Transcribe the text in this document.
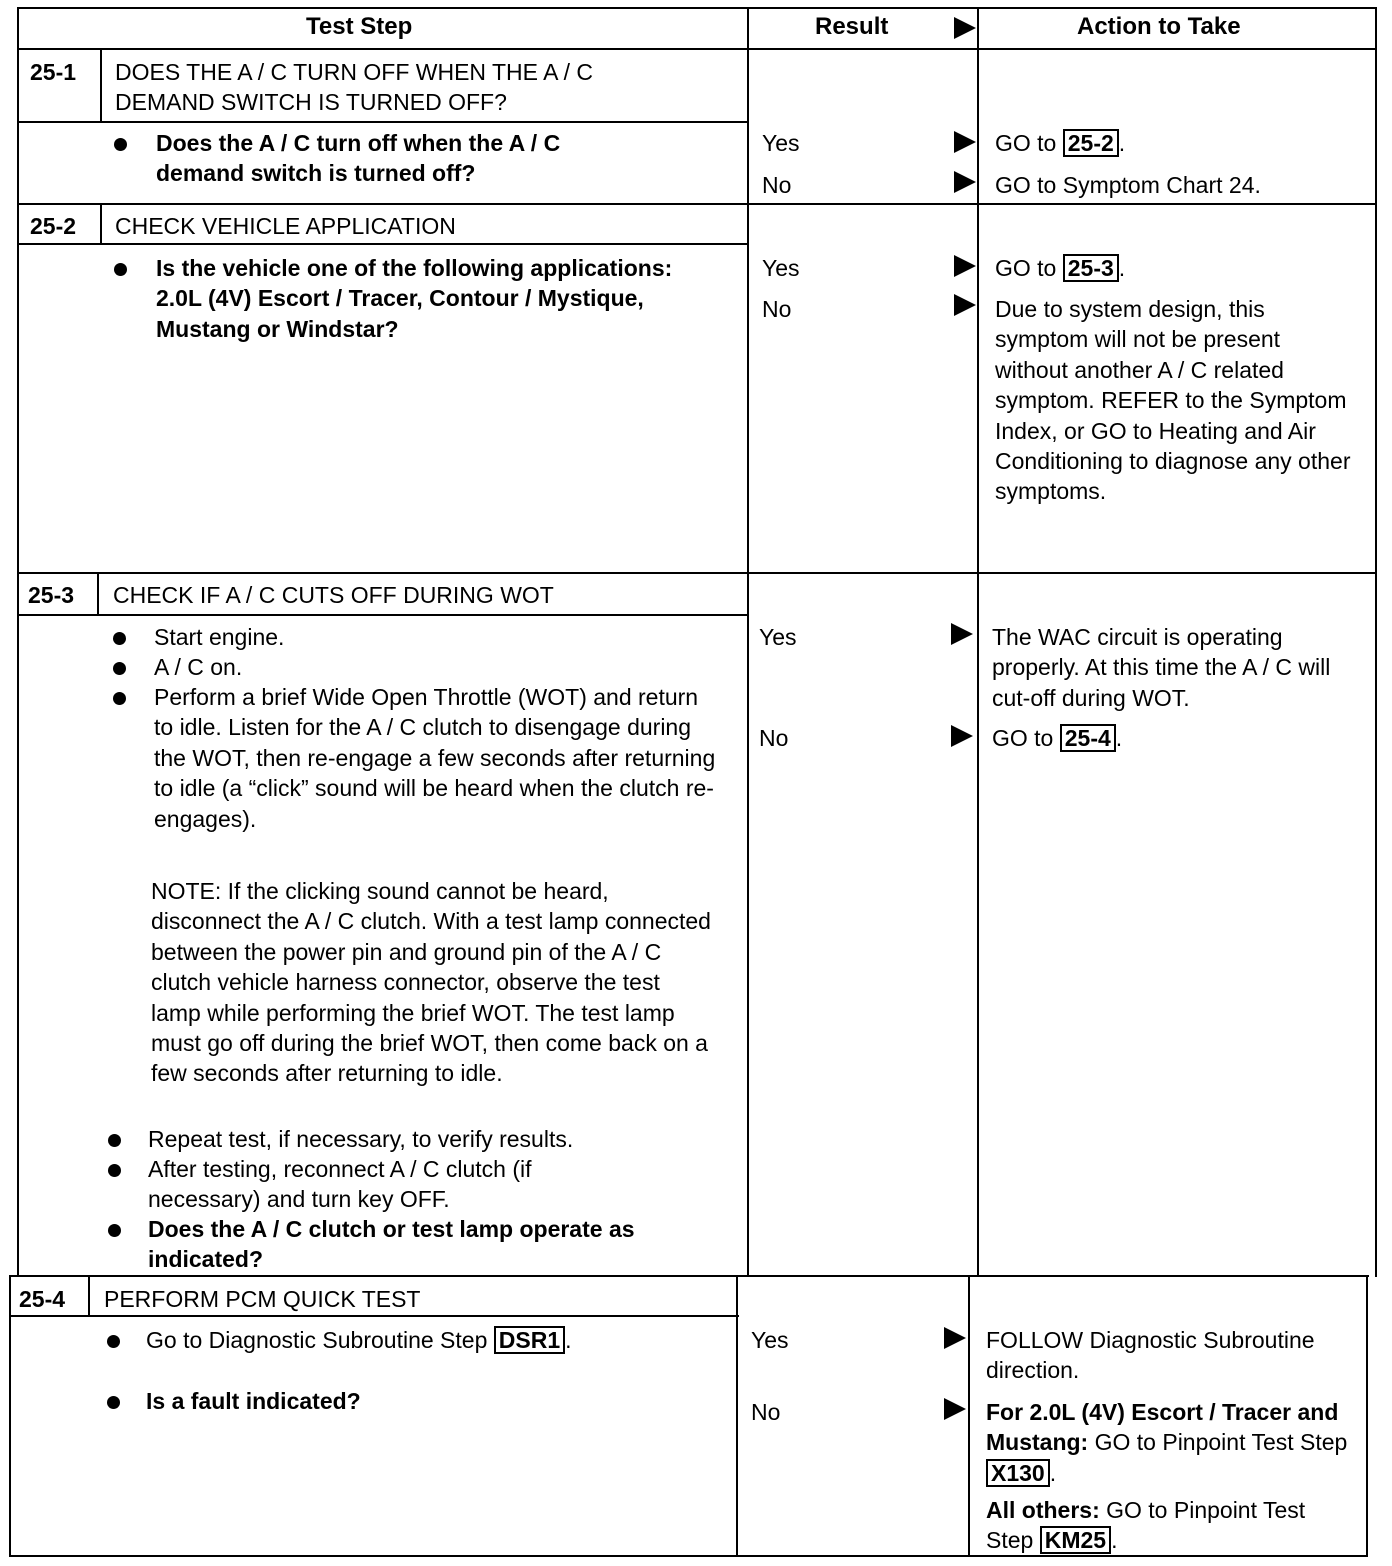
Test Step	Result	Action to Take
25-1 DOES THE A / C TURN OFF WHEN THE A / C DEMAND SWITCH IS TURNED OFF?
Does the A / C turn off when the A / C demand switch is turned off?
Yes
No
GO to 25-2 .
GO to Symptom Chart 24.
25-2 CHECK VEHICLE APPLICATION
Is the vehicle one of the following applications: 2.0L (4V) Escort / Tracer, Contour / Mystique, Mustang or Windstar?
Yes
No
GO to 25-3 .
Due to system design, this symptom will not be present without another A / C related symptom. REFER to the Symptom Index, or GO to Heating and Air Conditioning to diagnose any other symptoms.
25-3 CHECK IF A / C CUTS OFF DURING WOT
Start engine.
A / C on.
Perform a brief Wide Open Throttle (WOT) and return to idle. Listen for the A / C clutch to disengage during the WOT, then re-engage a few seconds after returning to idle (a “click” sound will be heard when the clutch re-engages).
NOTE: If the clicking sound cannot be heard, disconnect the A / C clutch. With a test lamp connected between the power pin and ground pin of the A / C clutch vehicle harness connector, observe the test lamp while performing the brief WOT. The test lamp must go off during the brief WOT, then come back on a few seconds after returning to idle.
Repeat test, if necessary, to verify results.
After testing, reconnect A / C clutch (if necessary) and turn key OFF.
Does the A / C clutch or test lamp operate as indicated?
Yes
No
The WAC circuit is operating properly. At this time the A / C will cut-off during WOT.
GO to 25-4 .
25-4 PERFORM PCM QUICK TEST
Go to Diagnostic Subroutine Step DSR1 .
Is a fault indicated?
Yes
No
FOLLOW Diagnostic Subroutine direction.
For 2.0L (4V) Escort / Tracer and Mustang: GO to Pinpoint Test Step X130 .
All others: GO to Pinpoint Test Step KM25 .
